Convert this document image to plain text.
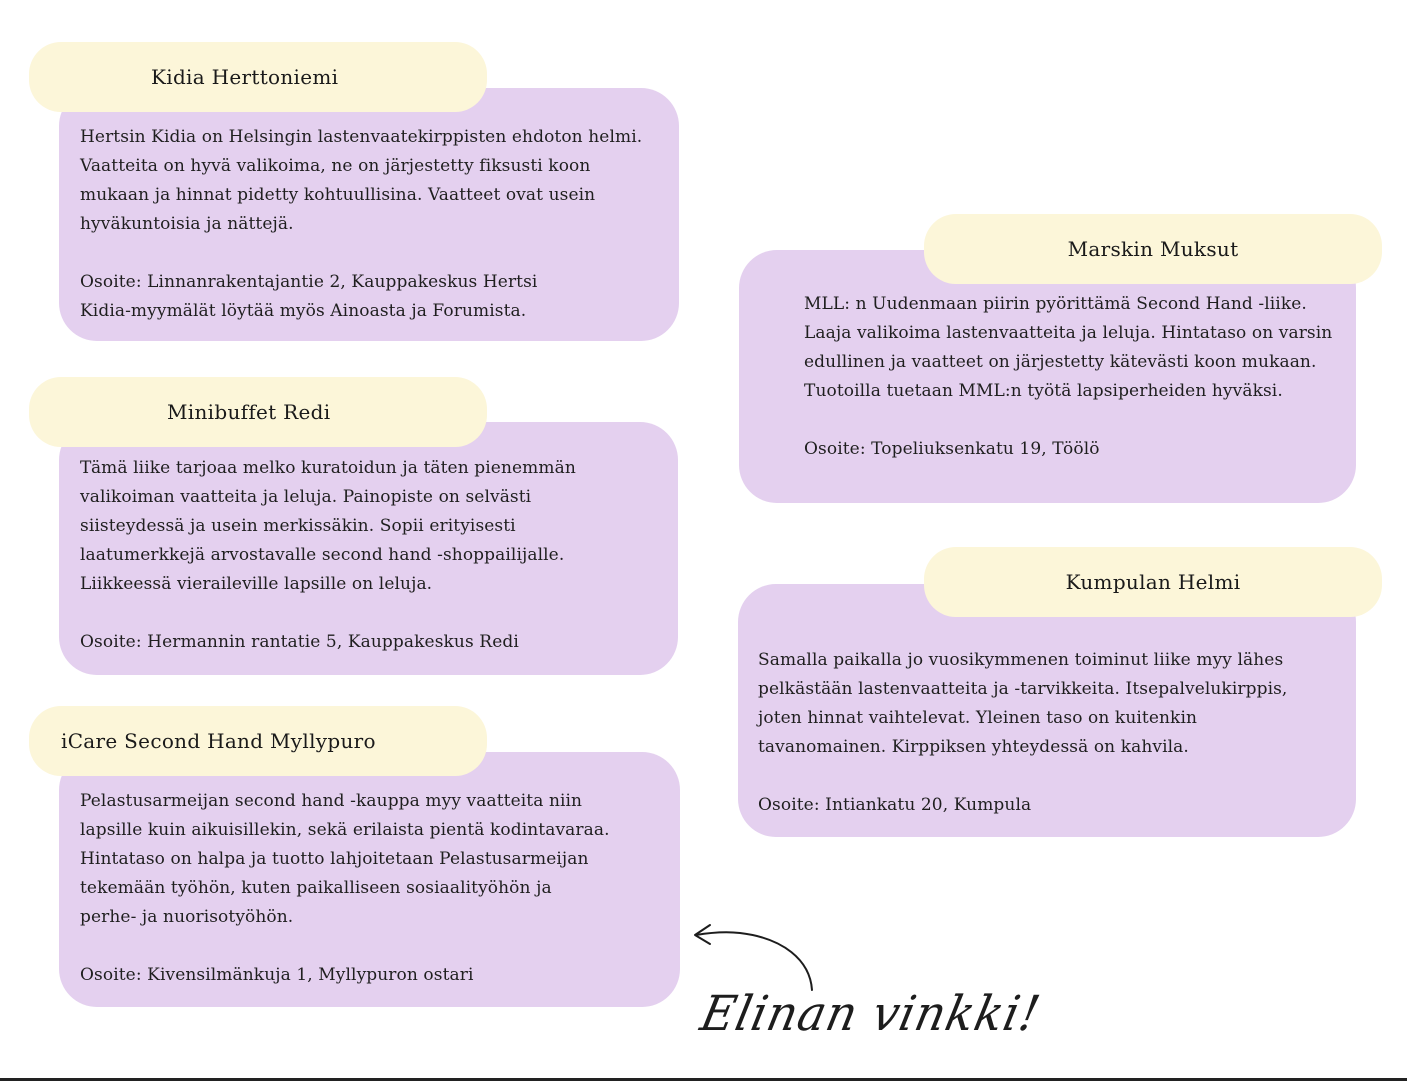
Hertsin Kidia on Helsingin lastenvaatekirppisten ehdoton helmi.

Vaatteita on hyvä valikoima, ne on järjestetty fiksusti koon

mukaan ja hinnat pidetty kohtuullisina. Vaatteet ovat usein

hyväkuntoisia ja nättejä.

Osoite: Linnanrakentajantie 2, Kauppakeskus Hertsi

Kidia-myymälät löytää myös Ainoasta ja Forumista.

Kidia Herttoniemi

Tämä liike tarjoaa melko kuratoidun ja täten pienemmän

valikoiman vaatteita ja leluja. Painopiste on selvästi

siisteydessä ja usein merkissäkin. Sopii erityisesti

laatumerkkejä arvostavalle second hand -shoppailijalle.

Liikkeessä vieraileville lapsille on leluja.

Osoite: Hermannin rantatie 5, Kauppakeskus Redi

Minibuffet Redi

Pelastusarmeijan second hand -kauppa myy vaatteita niin

lapsille kuin aikuisillekin, sekä erilaista pientä kodintavaraa.

Hintataso on halpa ja tuotto lahjoitetaan Pelastusarmeijan

tekemään työhön, kuten paikalliseen sosiaalityöhön ja

perhe- ja nuorisotyöhön.

Osoite: Kivensilmänkuja 1, Myllypuron ostari

iCare Second Hand Myllypuro

MLL: n Uudenmaan piirin pyörittämä Second Hand -liike.

Laaja valikoima lastenvaatteita ja leluja. Hintataso on varsin

edullinen ja vaatteet on järjestetty kätevästi koon mukaan.

Tuotoilla tuetaan MML:n työtä lapsiperheiden hyväksi.

Osoite: Topeliuksenkatu 19, Töölö

Marskin Muksut

Samalla paikalla jo vuosikymmenen toiminut liike myy lähes

pelkästään lastenvaatteita ja -tarvikkeita. Itsepalvelukirppis,

joten hinnat vaihtelevat. Yleinen taso on kuitenkin

tavanomainen. Kirppiksen yhteydessä on kahvila.

Osoite: Intiankatu 20, Kumpula

Kumpulan Helmi
Elinan vinkki!
